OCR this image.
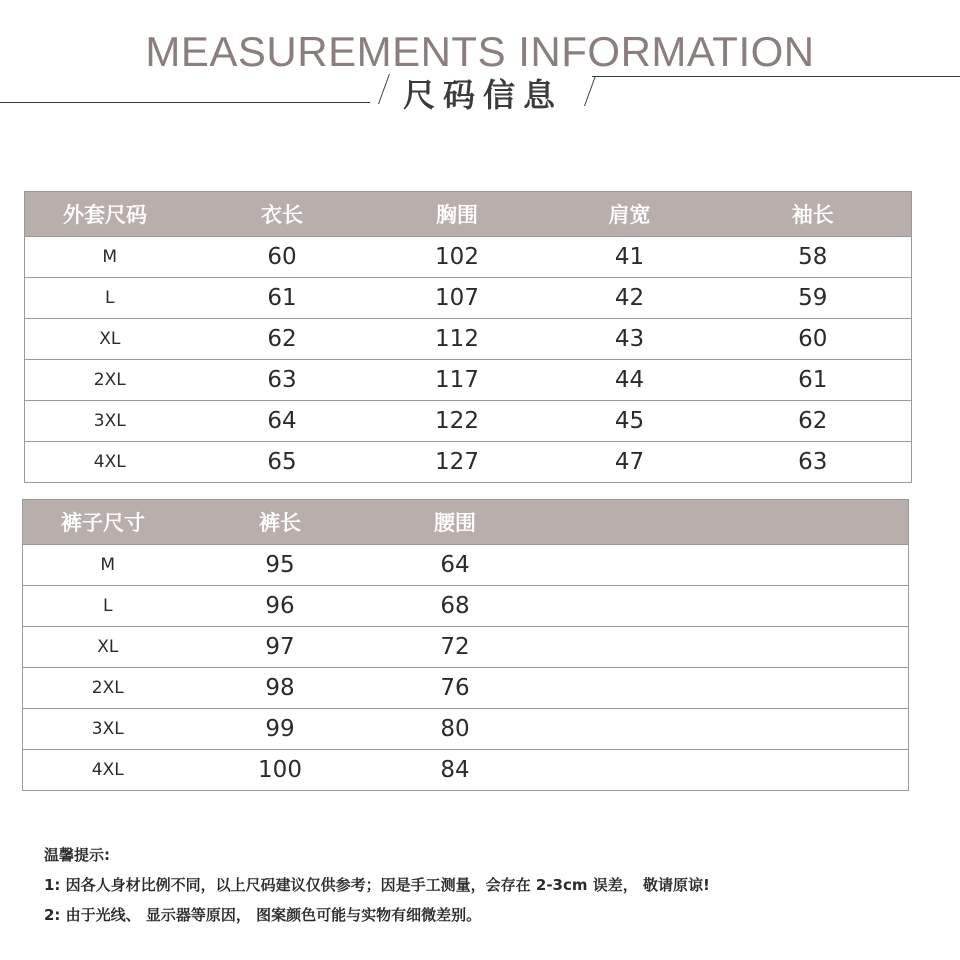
MEASUREMENTS INFORMATION
尺码信息
外套尺码	衣长	胸围	肩宽	袖长
M	60	102	41	58
L	61	107	42	59
XL	62	112	43	60
2XL	63	117	44	61
3XL	64	122	45	62
4XL	65	127	47	63
裤子尺寸	裤长	腰围		
M	95	64		
L	96	68		
XL	97	72		
2XL	98	76		
3XL	99	80		
4XL	100	84		
温馨提示:
1: 因各人身材比例不同，以上尺码建议仅供参考；因是手工测量，会存在 2-3cm 误差， 敬请原谅!
2: 由于光线、 显示器等原因， 图案颜色可能与实物有细微差别。
